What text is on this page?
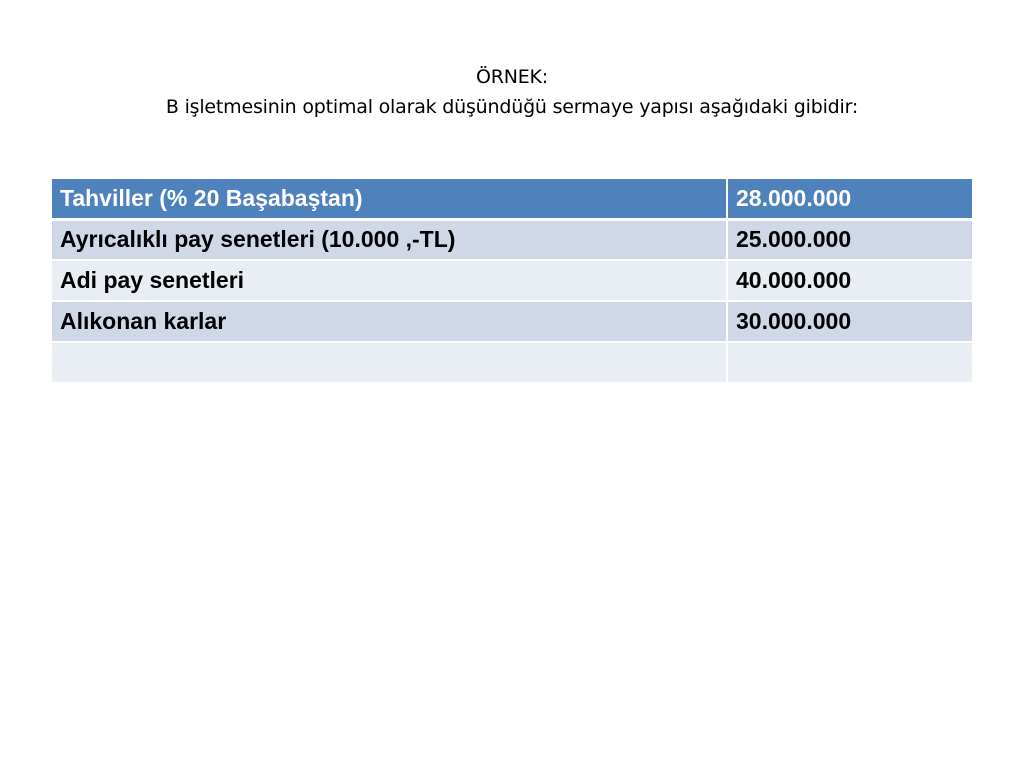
ÖRNEK:
B işletmesinin optimal olarak düşündüğü sermaye yapısı aşağıdaki gibidir:
Tahviller (% 20 Başabaştan)	28.000.000
Ayrıcalıklı pay senetleri (10.000 ,-TL)	25.000.000
Adi pay senetleri	40.000.000
Alıkonan karlar	30.000.000
